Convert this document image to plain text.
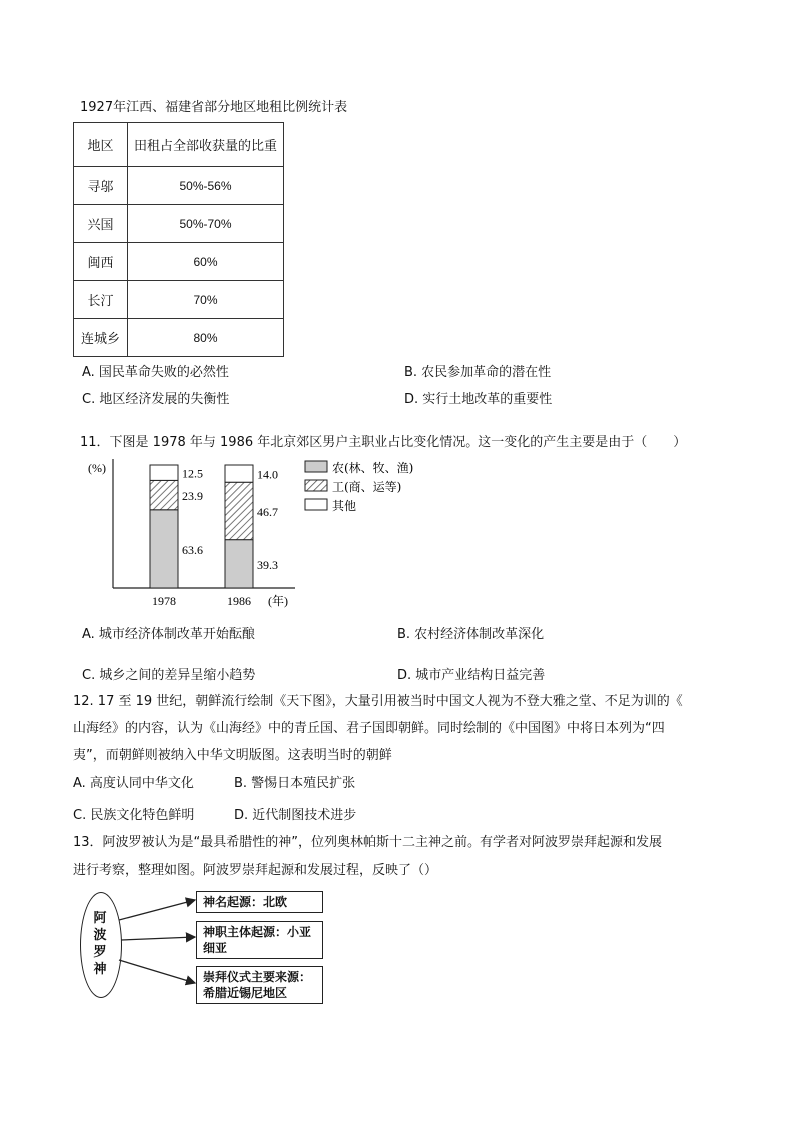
1927年江西、福建省部分地区地租比例统计表
地区	田租占全部收获量的比重
寻邬	50%-56%
兴国	50%-70%
闽西	60%
长汀	70%
连城乡	80%
A. 国民革命失败的必然性	B. 农民参加革命的潜在性
C. 地区经济发展的失衡性	D. 实行土地改革的重要性
11．下图是 1978 年与 1986 年北京郊区男户主职业占比变化情况。这一变化的产生主要是由于（　　）
(%)
(年)
63.6
23.9
12.5
1978
39.3
46.7
14.0
1986
农(林、牧、渔)
工(商、运等)
其他
A. 城市经济体制改革开始酝酿	B. 农村经济体制改革深化
C. 城乡之间的差异呈缩小趋势	D. 城市产业结构日益完善
12. 17 至 19 世纪，朝鲜流行绘制《天下图》，大量引用被当时中国文人视为不登大雅之堂、不足为训的《
山海经》的内容，认为《山海经》中的青丘国、君子国即朝鲜。同时绘制的《中国图》中将日本列为“四
夷”，而朝鲜则被纳入中华文明版图。这表明当时的朝鲜
A. 高度认同中华文化	B. 警惕日本殖民扩张
C. 民族文化特色鲜明	D. 近代制图技术进步
13．阿波罗被认为是“最具希腊性的神”，位列奥林帕斯十二主神之前。有学者对阿波罗崇拜起源和发展
进行考察，整理如图。阿波罗崇拜起源和发展过程，反映了（）
阿波罗神
神名起源：北欧
神职主体起源：小亚细亚
崇拜仪式主要来源：希腊近锡尼地区
